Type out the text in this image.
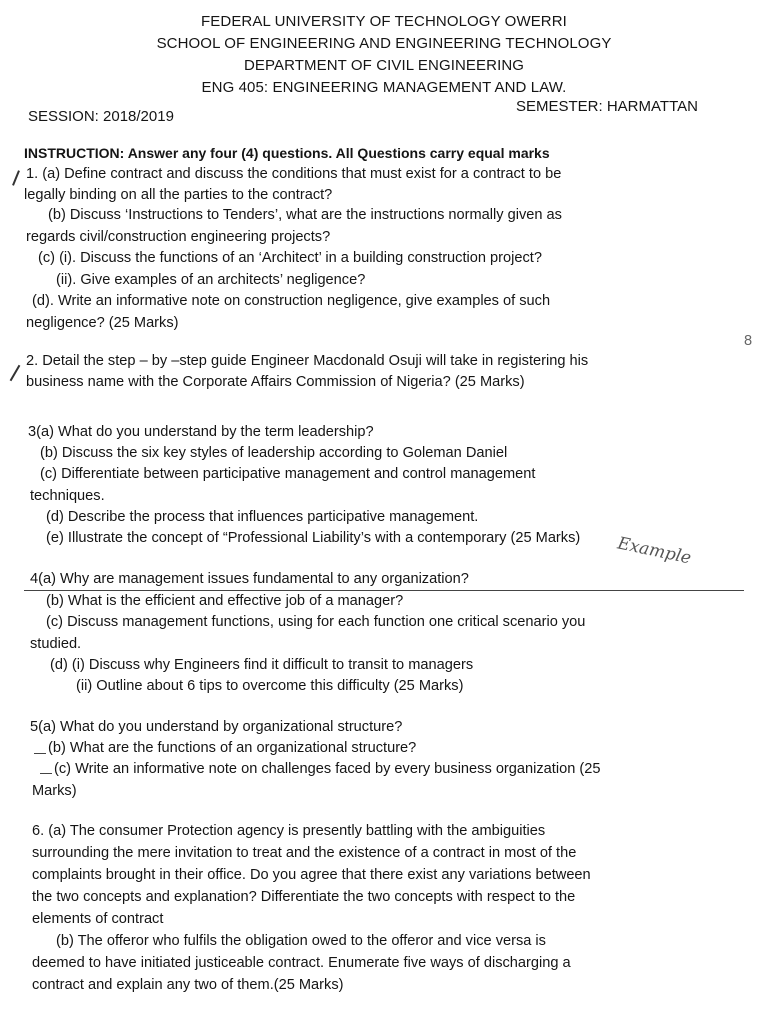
FEDERAL UNIVERSITY OF TECHNOLOGY OWERRI
SCHOOL OF ENGINEERING AND ENGINEERING TECHNOLOGY
DEPARTMENT OF CIVIL ENGINEERING
ENG 405: ENGINEERING MANAGEMENT AND LAW.
SEMESTER: HARMATTAN
SESSION: 2018/2019
INSTRUCTION: Answer any four (4) questions. All Questions carry equal marks
1. (a) Define contract and discuss the conditions that must exist for a contract to be
legally binding on all the parties to the contract?
(b) Discuss ‘Instructions to Tenders’, what are the instructions normally given as
regards civil/construction engineering projects?
(c) (i). Discuss the functions of an ‘Architect’ in a building construction project?
(ii). Give examples of an architects’ negligence?
(d). Write an informative note on construction negligence, give examples of such
negligence? (25 Marks)
8
2. Detail the step – by –step guide Engineer Macdonald Osuji will take in registering his
business name with the Corporate Affairs Commission of Nigeria? (25 Marks)
3(a) What do you understand by the term leadership?
(b) Discuss the six key styles of leadership according to Goleman Daniel
(c) Differentiate between participative management and control management
techniques.
(d) Describe the process that influences participative management.
(e) Illustrate the concept of “Professional Liability’s with a contemporary (25 Marks) Example
4(a) Why are management issues fundamental to any organization?
(b) What is the efficient and effective job of a manager?
(c) Discuss management functions, using for each function one critical scenario you
studied.
(d) (i) Discuss why Engineers find it difficult to transit to managers
(ii) Outline about 6 tips to overcome this difficulty (25 Marks)
5(a) What do you understand by organizational structure?
(b) What are the functions of an organizational structure?
(c) Write an informative note on challenges faced by every business organization (25
Marks)
6. (a) The consumer Protection agency is presently battling with the ambiguities
surrounding the mere invitation to treat and the existence of a contract in most of the
complaints brought in their office. Do you agree that there exist any variations between
the two concepts and explanation? Differentiate the two concepts with respect to the
elements of contract
(b) The offeror who fulfils the obligation owed to the offeror and vice versa is
deemed to have initiated justiceable contract. Enumerate five ways of discharging a
contract and explain any two of them.(25 Marks)
